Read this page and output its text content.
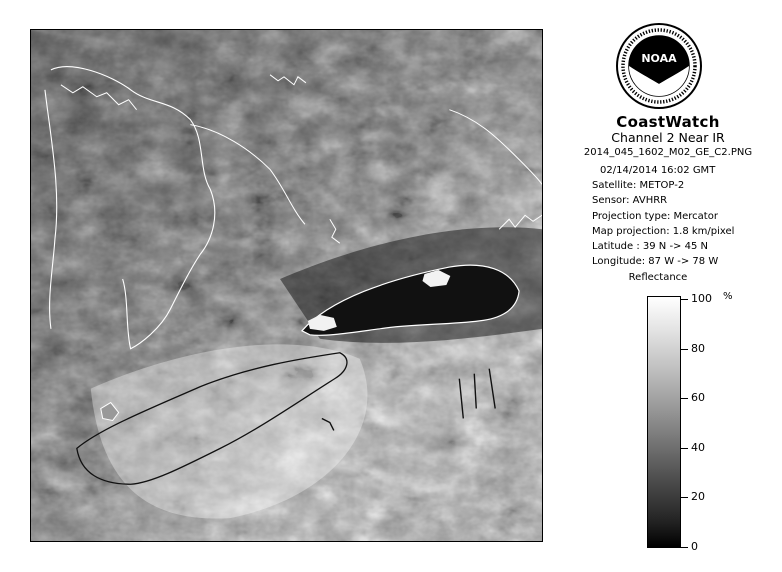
NOAA
CoastWatch
Channel 2 Near IR
2014_045_1602_M02_GE_C2.PNG
02/14/2014 16:02 GMT
Satellite: METOP-2
Sensor: AVHRR
Projection type: Mercator
Map projection: 1.8 km/pixel
Latitude : 39 N -> 45 N
Longitude: 87 W -> 78 W
Reflectance
%
100
80
60
40
20
0
